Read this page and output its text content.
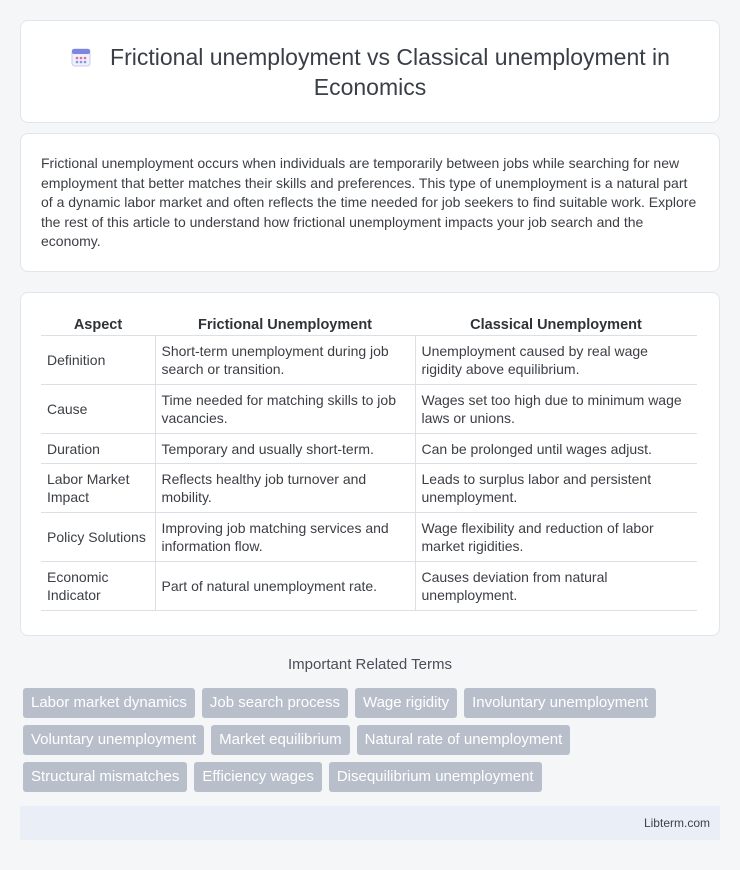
Frictional unemployment vs Classical unemployment in Economics

Frictional unemployment occurs when individuals are temporarily between jobs while searching for new employment that better matches their skills and preferences. This type of unemployment is a natural part of a dynamic labor market and often reflects the time needed for job seekers to find suitable work. Explore the rest of this article to understand how frictional unemployment impacts your job search and the economy.

Aspect	Frictional Unemployment	Classical Unemployment
Definition	Short-term unemployment during job search or transition.	Unemployment caused by real wage rigidity above equilibrium.
Cause	Time needed for matching skills to job vacancies.	Wages set too high due to minimum wage laws or unions.
Duration	Temporary and usually short-term.	Can be prolonged until wages adjust.
Labor Market Impact	Reflects healthy job turnover and mobility.	Leads to surplus labor and persistent unemployment.
Policy Solutions	Improving job matching services and information flow.	Wage flexibility and reduction of labor market rigidities.
Economic Indicator	Part of natural unemployment rate.	Causes deviation from natural unemployment.
Important Related Terms
Labor market dynamics	Job search process	Wage rigidity	Involuntary unemployment
Voluntary unemployment	Market equilibrium	Natural rate of unemployment
Structural mismatches	Efficiency wages	Disequilibrium unemployment
Libterm.com
